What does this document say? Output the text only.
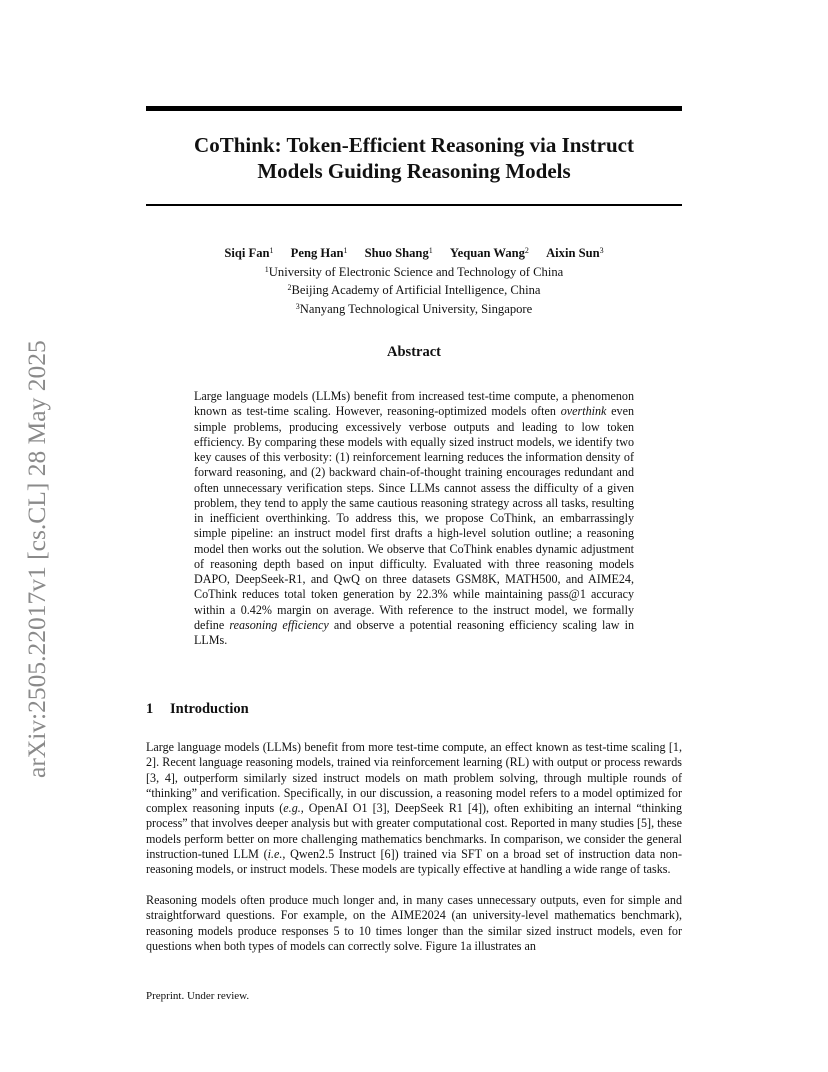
arXiv:2505.22017v1 [cs.CL] 28 May 2025
CoThink: Token-Efficient Reasoning via Instruct
Models Guiding Reasoning Models
Siqi Fan$^1$ Peng Han$^1$ Shuo Shang$^1$ Yequan Wang$^2$ Aixin Sun$^3$
$^1$University of Electronic Science and Technology of China
$^2$Beijing Academy of Artificial Intelligence, China
$^3$Nanyang Technological University, Singapore
Abstract

Large language models (LLMs) benefit from increased test-time compute, a phenomenon known as test-time scaling. However, reasoning-optimized models often overthink even simple problems, producing excessively verbose outputs and leading to low token efficiency. By comparing these models with equally sized instruct models, we identify two key causes of this verbosity: (1) reinforcement learning reduces the information density of forward reasoning, and (2) backward chain-of-thought training encourages redundant and often unnecessary verification steps. Since LLMs cannot assess the difficulty of a given problem, they tend to apply the same cautious reasoning strategy across all tasks, resulting in inefficient overthinking. To address this, we propose CoThink, an embarrassingly simple pipeline: an instruct model first drafts a high-level solution outline; a reasoning model then works out the solution. We observe that CoThink enables dynamic adjustment of reasoning depth based on input difficulty. Evaluated with three reasoning models DAPO, DeepSeek-R1, and QwQ on three datasets GSM8K, MATH500, and AIME24, CoThink reduces total token generation by 22.3% while maintaining pass@1 accuracy within a 0.42% margin on average. With reference to the instruct model, we formally define reasoning efficiency and observe a potential reasoning efficiency scaling law in LLMs.

1 Introduction

Large language models (LLMs) benefit from more test-time compute, an effect known as test-time scaling [1, 2]. Recent language reasoning models, trained via reinforcement learning (RL) with output or process rewards [3, 4], outperform similarly sized instruct models on math problem solving, through multiple rounds of “thinking” and verification. Specifically, in our discussion, a reasoning model refers to a model optimized for complex reasoning inputs (e.g., OpenAI O1 [3], DeepSeek R1 [4]), often exhibiting an internal “thinking process” that involves deeper analysis but with greater computational cost. Reported in many studies [5], these models perform better on more challenging mathematics benchmarks. In comparison, we consider the general instruction-tuned LLM (i.e., Qwen2.5 Instruct [6]) trained via SFT on a broad set of instruction data non-reasoning models, or instruct models. These models are typically effective at handling a wide range of tasks.

Reasoning models often produce much longer and, in many cases unnecessary outputs, even for simple and straightforward questions. For example, on the AIME2024 (an university-level mathematics benchmark), reasoning models produce responses 5 to 10 times longer than the similar sized instruct models, even for questions when both types of models can correctly solve. Figure 1a illustrates an

Preprint. Under review.
